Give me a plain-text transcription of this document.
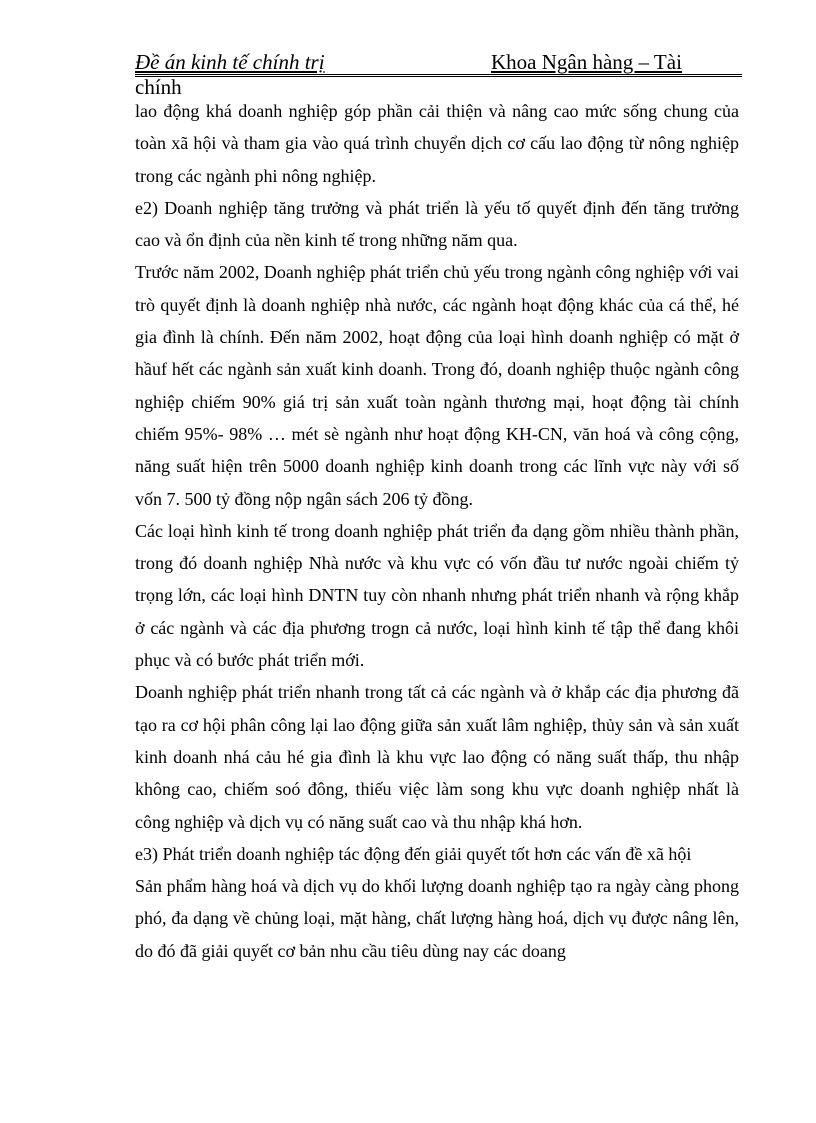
Đề án kinh tế chính trị	Khoa Ngân hàng – Tài
chính

lao động khá doanh nghiệp góp phần cải thiện và nâng cao mức sống chung của toàn xã hội và tham gia vào quá trình chuyển dịch cơ cấu lao động từ nông nghiệp trong các ngành phi nông nghiệp.

e2) Doanh nghiệp tăng trưởng và phát triển là yếu tố quyết định đến tăng trưởng cao và ổn định của nền kinh tế trong những năm qua.

Trước năm 2002, Doanh nghiệp phát triển chủ yếu trong ngành công nghiệp với vai trò quyết định là doanh nghiệp nhà nước, các ngành hoạt động khác của cá thể, hé gia đình là chính. Đến năm 2002, hoạt động của loại hình doanh nghiệp có mặt ở hầuf hết các ngành sản xuất kinh doanh. Trong đó, doanh nghiệp thuộc ngành công nghiệp chiếm 90% giá trị sản xuất toàn ngành thương mại, hoạt động tài chính chiếm 95%- 98% … mét sè ngành như hoạt động KH-CN, văn hoá và công cộng, năng suất hiện trên 5000 doanh nghiệp kinh doanh trong các lĩnh vực này với số vốn 7. 500 tỷ đồng nộp ngân sách 206 tỷ đồng.

Các loại hình kinh tế trong doanh nghiệp phát triển đa dạng gồm nhiều thành phần, trong đó doanh nghiệp Nhà nước và khu vực có vốn đầu tư nước ngoài chiếm tỷ trọng lớn, các loại hình DNTN tuy còn nhanh nhưng phát triển nhanh và rộng khắp ở các ngành và các địa phương trogn cả nước, loại hình kinh tế tập thể đang khôi phục và có bước phát triển mới.

Doanh nghiệp phát triển nhanh trong tất cả các ngành và ở khắp các địa phương đã tạo ra cơ hội phân công lại lao động giữa sản xuất lâm nghiệp, thủy sản và sản xuất kinh doanh nhá cảu hé gia đình là khu vực lao động có năng suất thấp, thu nhập không cao, chiếm soó đông, thiếu việc làm song khu vực doanh nghiệp nhất là công nghiệp và dịch vụ có năng suất cao và thu nhập khá hơn.

e3) Phát triển doanh nghiệp tác động đến giải quyết tốt hơn các vấn đề xã hội

Sản phẩm hàng hoá và dịch vụ do khối lượng doanh nghiệp tạo ra ngày càng phong phó, đa dạng về chủng loại, mặt hàng, chất lượng hàng hoá, dịch vụ được nâng lên, do đó đã giải quyết cơ bản nhu cầu tiêu dùng nay các doang
